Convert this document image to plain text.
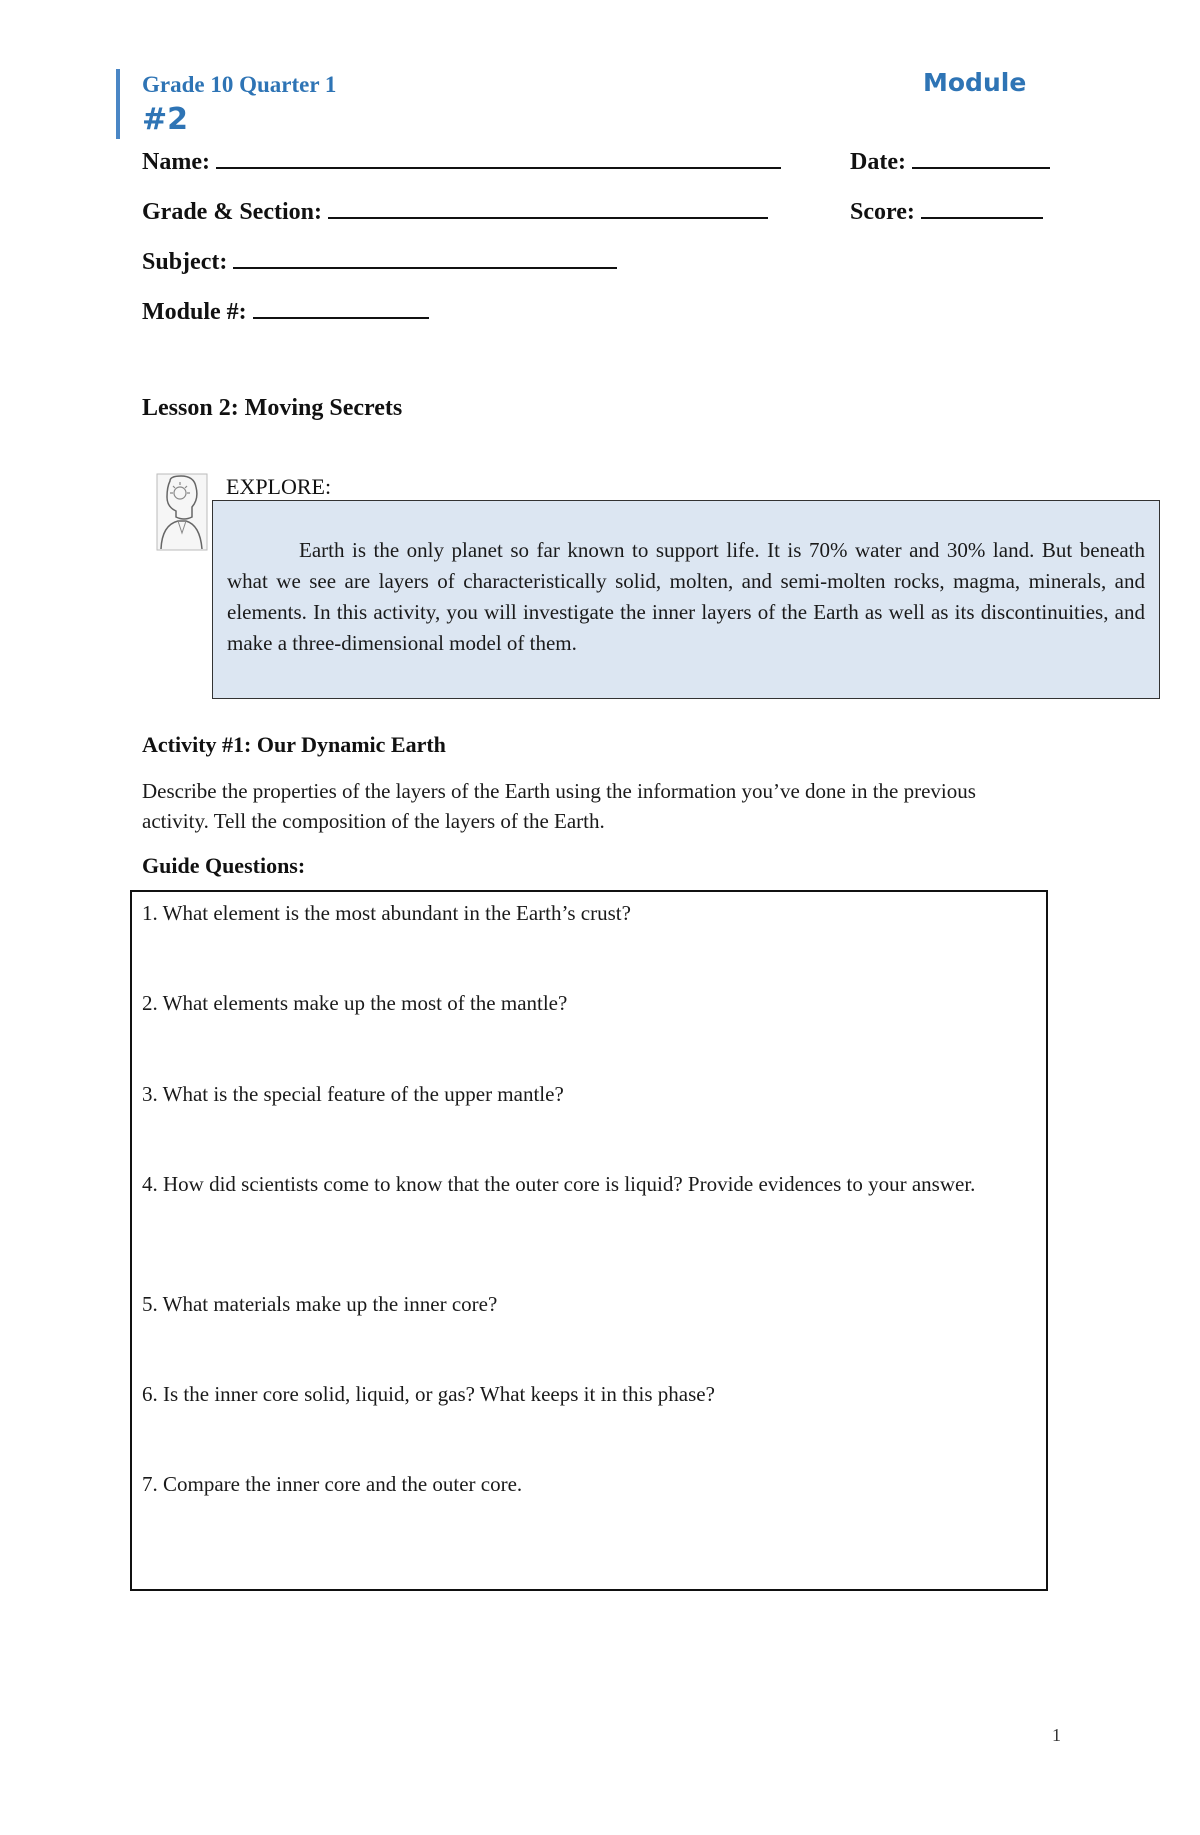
Grade 10 Quarter 1	Module
#2
Name:	Date:
Grade & Section:	Score:
Subject:
Module #:
Lesson 2: Moving Secrets
EXPLORE:

Earth is the only planet so far known to support life. It is 70% water and 30% land. But beneath what we see are layers of characteristically solid, molten, and semi-molten rocks, magma, minerals, and elements. In this activity, you will investigate the inner layers of the Earth as well as its discontinuities, and make a three-dimensional model of them.

Activity #1: Our Dynamic Earth
Describe the properties of the layers of the Earth using the information you’ve done in the previous activity. Tell the composition of the layers of the Earth.
Guide Questions:
1. What element is the most abundant in the Earth’s crust?
2. What elements make up the most of the mantle?
3. What is the special feature of the upper mantle?
4. How did scientists come to know that the outer core is liquid? Provide evidences to your answer.
5. What materials make up the inner core?
6. Is the inner core solid, liquid, or gas? What keeps it in this phase?
7. Compare the inner core and the outer core.
1
